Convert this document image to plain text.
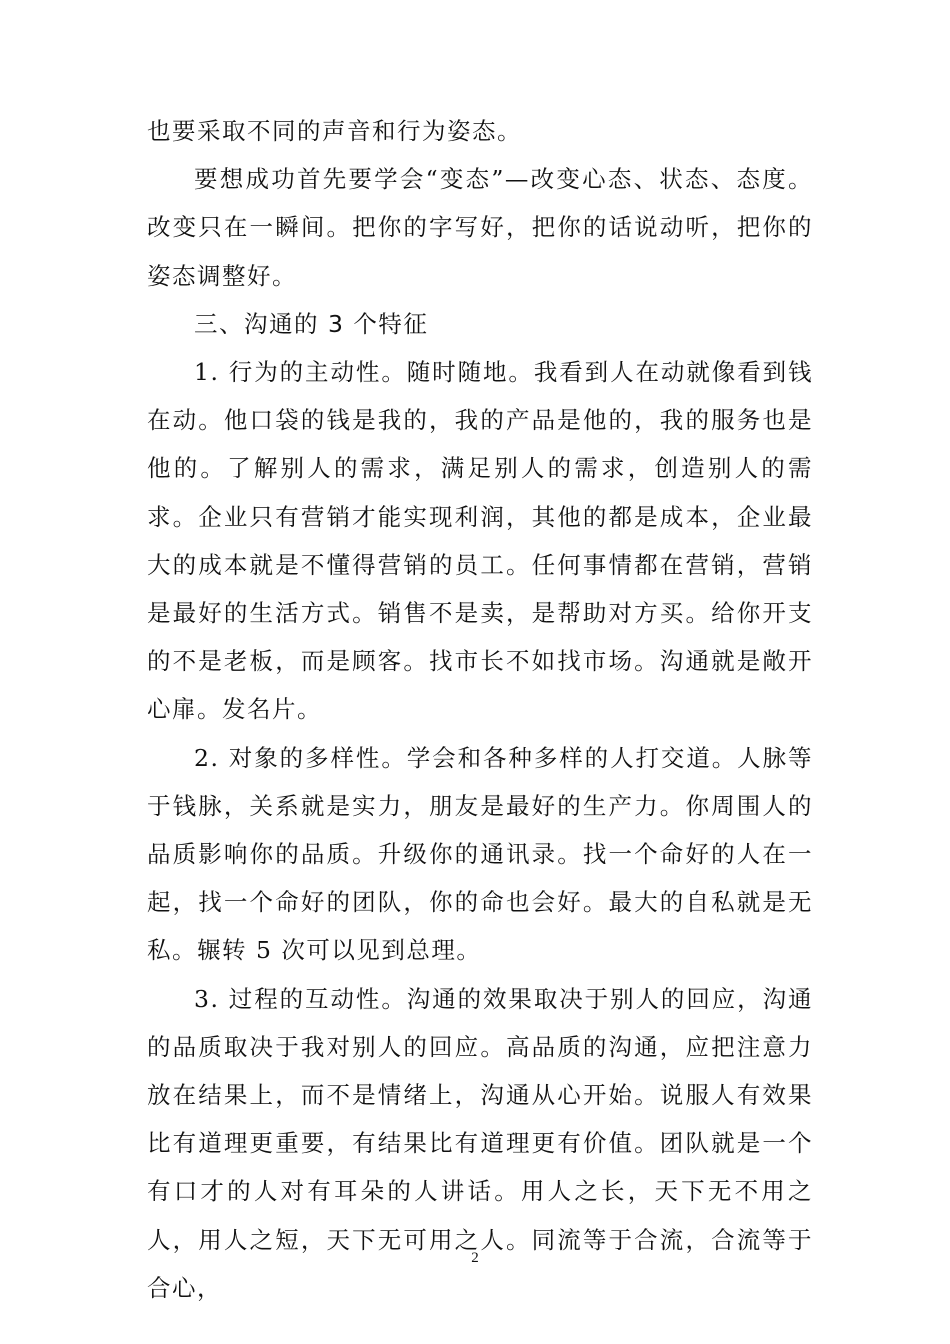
也要采取不同的声音和行为姿态。

要想成功首先要学会“变态”—改变心态、状态、态度。改变只在一瞬间。把你的字写好，把你的话说动听，把你的姿态调整好。

三、沟通的 3 个特征

1. 行为的主动性。随时随地。我看到人在动就像看到钱在动。他口袋的钱是我的，我的产品是他的，我的服务也是他的。了解别人的需求，满足别人的需求，创造别人的需求。企业只有营销才能实现利润，其他的都是成本，企业最大的成本就是不懂得营销的员工。任何事情都在营销，营销是最好的生活方式。销售不是卖，是帮助对方买。给你开支的不是老板，而是顾客。找市长不如找市场。沟通就是敞开心扉。发名片。

2. 对象的多样性。学会和各种多样的人打交道。人脉等于钱脉，关系就是实力，朋友是最好的生产力。你周围人的品质影响你的品质。升级你的通讯录。找一个命好的人在一起，找一个命好的团队，你的命也会好。最大的自私就是无私。辗转 5 次可以见到总理。

3. 过程的互动性。沟通的效果取决于别人的回应，沟通的品质取决于我对别人的回应。高品质的沟通，应把注意力放在结果上，而不是情绪上，沟通从心开始。说服人有效果比有道理更重要，有结果比有道理更有价值。团队就是一个有口才的人对有耳朵的人讲话。用人之长，天下无不用之人，用人之短，天下无可用之人。同流等于合流，合流等于合心，

2
